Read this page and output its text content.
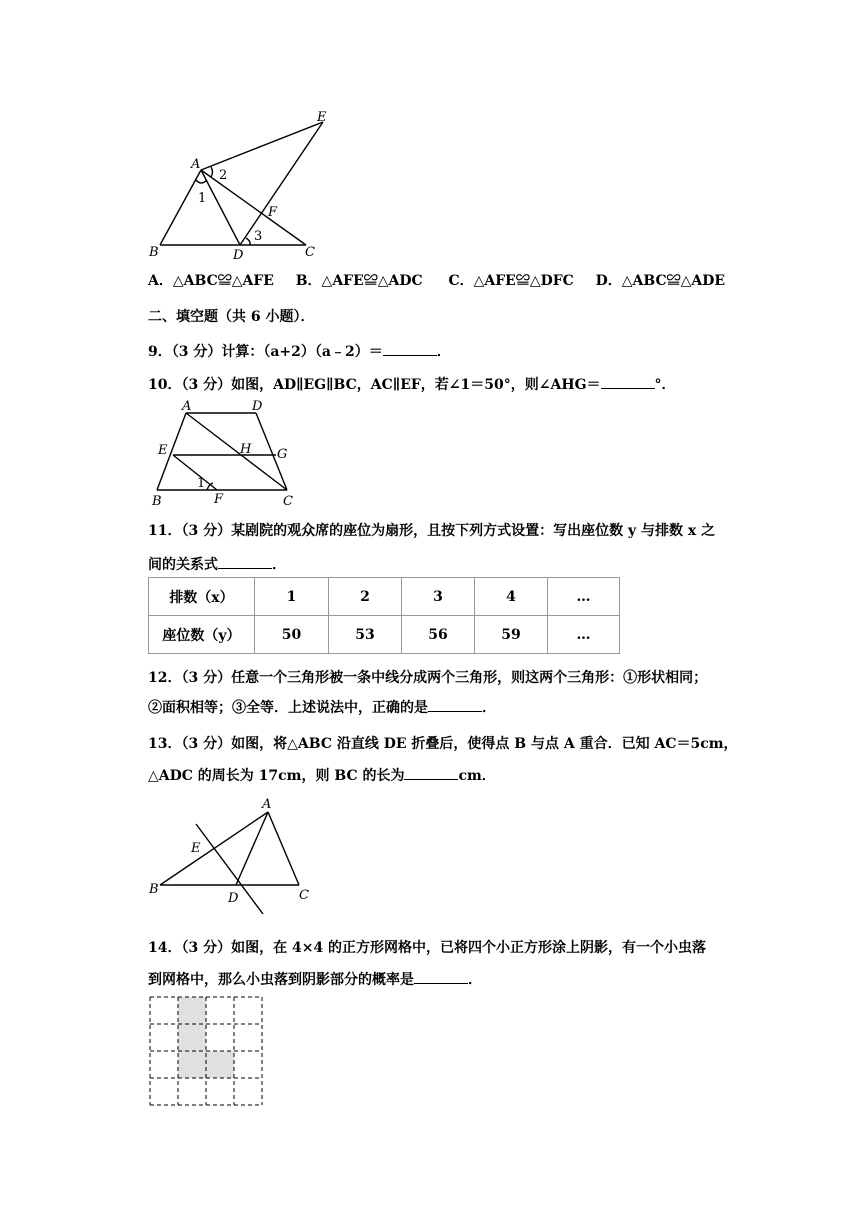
E
A
2
1
F
3
B	D	C
A．△ABC≌△AFE B．△AFE≌△ADC C．△AFE≌△DFC D．△ABC≌△ADE
二、填空题（共 6 小题）．
9．（3 分）计算：（a+2）（a﹣2）＝	．
10．（3 分）如图，AD∥EG∥BC，AC∥EF，若∠1＝50°，则∠AHG＝	°．
A	D
E	H G
1
B	F	C
11．（3 分）某剧院的观众席的座位为扇形，且按下列方式设置：写出座位数 y 与排数 x 之
间的关系式	．
排数（x）	1	2	3	4	…
座位数（y）	50	53	56	59	…
12．（3 分）任意一个三角形被一条中线分成两个三角形，则这两个三角形：①形状相同；
②面积相等；③全等．上述说法中，正确的是	．
13．（3 分）如图，将△ABC 沿直线 DE 折叠后，使得点 B 与点 A 重合．已知 AC＝5cm，
△ADC 的周长为 17cm，则 BC 的长为	cm．
A
E
B
D	C
14．（3 分）如图，在 4×4 的正方形网格中，已将四个小正方形涂上阴影，有一个小虫落
到网格中，那么小虫落到阴影部分的概率是	．
